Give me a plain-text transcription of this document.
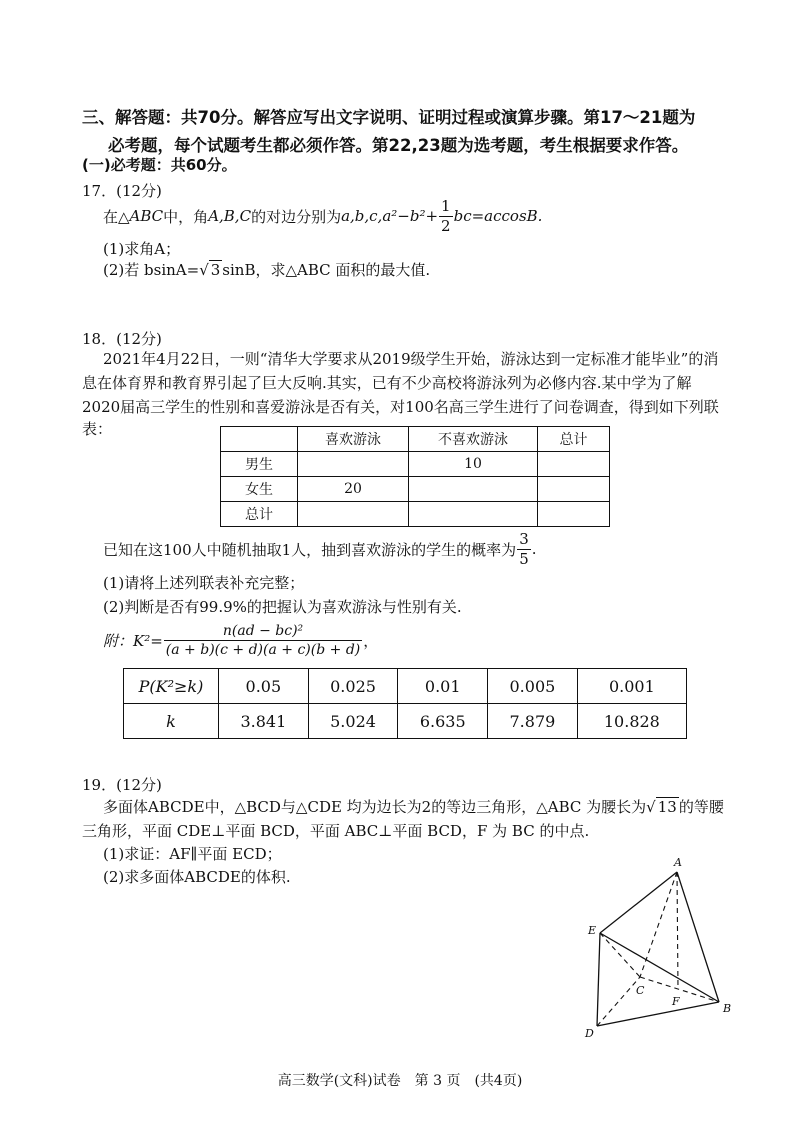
三、解答题：共70分。解答应写出文字说明、证明过程或演算步骤。第17～21题为
必考题，每个试题考生都必须作答。第22,23题为选考题，考生根据要求作答。
(一)必考题：共60分。
17．(12分)
在△ ABC 中，角 A,B,C 的对边分别为 $a,b,c,a^2-b^2+ \frac{1}{2} bc=accosB$.
(1)求角A；
(2)若 bsinA=√ 3 sinB，求△ABC 面积的最大值.
18．(12分)
2021年4月22日，一则“清华大学要求从2019级学生开始，游泳达到一定标准才能毕业”的消
息在体育界和教育界引起了巨大反响.其实，已有不少高校将游泳列为必修内容.某中学为了解
2020届高三学生的性别和喜爱游泳是否有关，对100名高三学生进行了问卷调查，得到如下列联
表：
	喜欢游泳	不喜欢游泳	总计
男生		10	
女生	20		
总计			
已知在这100人中随机抽取1人，抽到喜欢游泳的学生的概率为 $\frac{3}{5}$ .
(1)请将上述列联表补充完整；
(2)判断是否有99.9%的把握认为喜欢游泳与性别有关.
附：$K^2= \frac{\text{n(ad − bc)²}}{(a + b)(c + d)(a + c)(b + d)}$ ，
P(K²≥k)	0.05	0.025	0.01	0.005	0.001
k	3.841	5.024	6.635	7.879	10.828
19．(12分)
多面体ABCDE中，△BCD与△CDE 均为边长为2的等边三角形，△ABC 为腰长为√ 13 的等腰
三角形，平面 CDE⊥平面 BCD，平面 ABC⊥平面 BCD，F 为 BC 的中点.
(1)求证：AF∥平面 ECD；
(2)求多面体ABCDE的体积.
A
B
C
D
E
F
高三数学(文科)试卷　第 3 页　(共4页)
